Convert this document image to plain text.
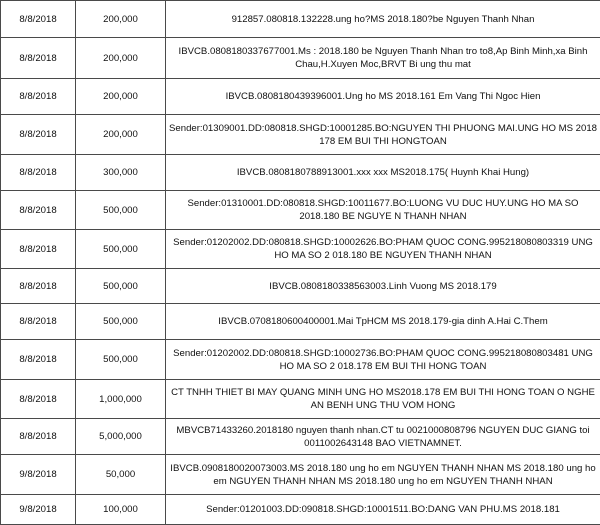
8/8/2018	200,000	912857.080818.132228.ung ho?MS 2018.180?be Nguyen Thanh Nhan
8/8/2018	200,000	IBVCB.0808180337677001.Ms : 2018.180 be Nguyen Thanh Nhan tro to8,Ap Binh Minh,xa Binh Chau,H.Xuyen Moc,BRVT Bi ung thu mat
8/8/2018	200,000	IBVCB.0808180439396001.Ung ho MS 2018.161 Em Vang Thi Ngoc Hien
8/8/2018	200,000	Sender:01309001.DD:080818.SHGD:10001285.BO:NGUYEN THI PHUONG MAI.UNG HO MS 2018 178 EM BUI THI HONGTOAN
8/8/2018	300,000	IBVCB.0808180788913001.xxx xxx MS2018.175( Huynh Khai Hung)
8/8/2018	500,000	Sender:01310001.DD:080818.SHGD:10011677.BO:LUONG VU DUC HUY.UNG HO MA SO 2018.180 BE NGUYE N THANH NHAN
8/8/2018	500,000	Sender:01202002.DD:080818.SHGD:10002626.BO:PHAM QUOC CONG.995218080803319 UNG HO MA SO 2 018.180 BE NGUYEN THANH NHAN
8/8/2018	500,000	IBVCB.0808180338563003.Linh Vuong MS 2018.179
8/8/2018	500,000	IBVCB.0708180600400001.Mai TpHCM MS 2018.179-gia dinh A.Hai C.Them
8/8/2018	500,000	Sender:01202002.DD:080818.SHGD:10002736.BO:PHAM QUOC CONG.995218080803481 UNG HO MA SO 2 018.178 EM BUI THI HONG TOAN
8/8/2018	1,000,000	CT TNHH THIET BI MAY QUANG MINH UNG HO MS2018.178 EM BUI THI HONG TOAN O NGHE AN BENH UNG THU VOM HONG
8/8/2018	5,000,000	MBVCB71433260.2018180 nguyen thanh nhan.CT tu 0021000808796 NGUYEN DUC GIANG toi 0011002643148 BAO VIETNAMNET.
9/8/2018	50,000	IBVCB.0908180020073003.MS 2018.180 ung ho em NGUYEN THANH NHAN MS 2018.180 ung ho em NGUYEN THANH NHAN MS 2018.180 ung ho em NGUYEN THANH NHAN
9/8/2018	100,000	Sender:01201003.DD:090818.SHGD:10001511.BO:DANG VAN PHU.MS 2018.181
